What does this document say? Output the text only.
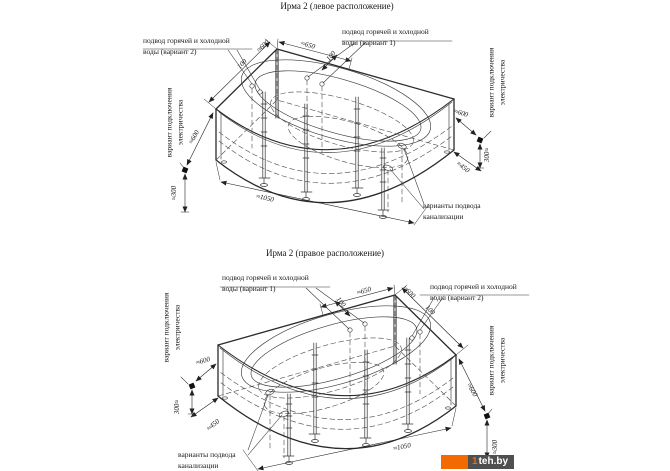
Ирма 2 (левое расположение)
подвод горячей и холодной воды (вариант 2)
подвод горячей и холодной воды (вариант 1)
вариант подключения электричества
вариант подключения электричества
варианты подвода канализации
≈600
100
≈650
100
≈600
300≈
≈450
≈1050
≈600
≈300
Ирма 2 (правое расположение)
подвод горячей и холодной воды (вариант 1)	подвод горячей и холодной воды (вариант 2)
вариант подключения электричества	вариант подключения электричества
варианты подвода канализации
≈600
100
≈650
100
≈600
300≈
≈450
≈1050
≈600
≈300
1 teh.by
